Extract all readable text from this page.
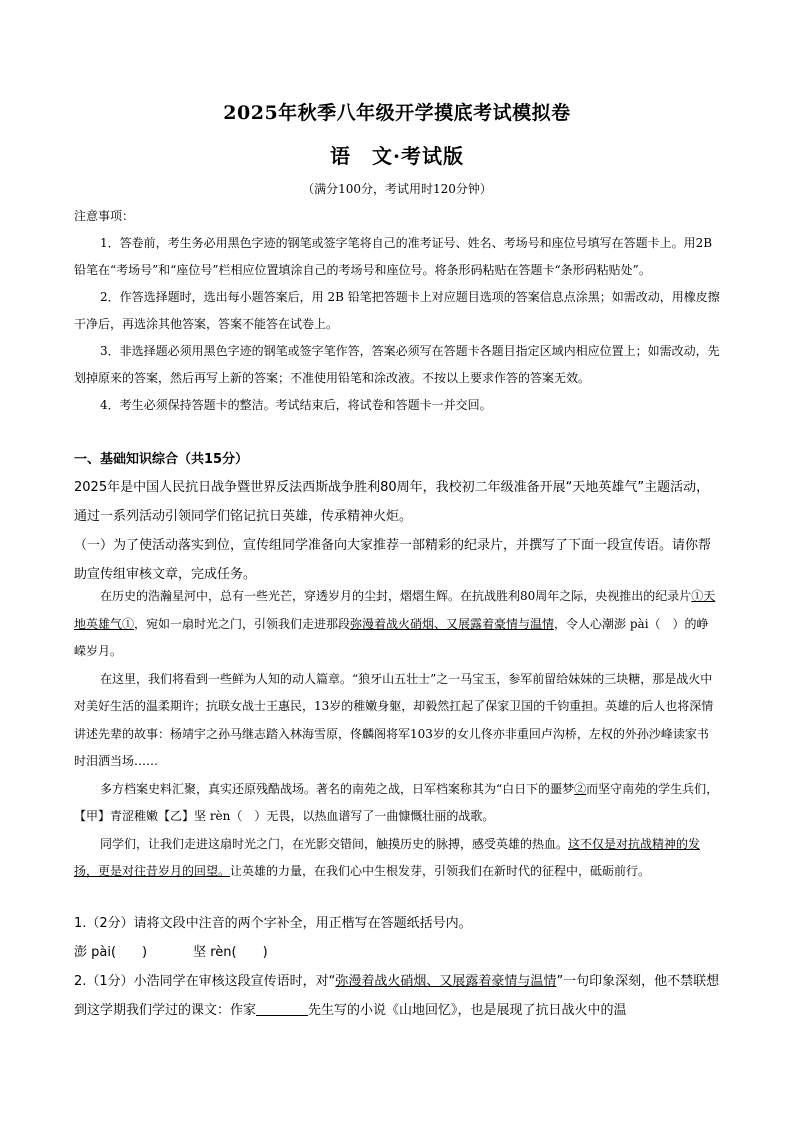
2025年秋季八年级开学摸底考试模拟卷
语　文·考试版
（满分100分，考试用时120分钟）

注意事项：

1．答卷前，考生务必用黑色字迹的钢笔或签字笔将自己的准考证号、姓名、考场号和座位号填写在答题卡上。用2B铅笔在“考场号”和“座位号”栏相应位置填涂自己的考场号和座位号。将条形码粘贴在答题卡“条形码粘贴处”。

2．作答选择题时，选出每小题答案后，用 2B 铅笔把答题卡上对应题目选项的答案信息点涂黑；如需改动，用橡皮擦干净后，再选涂其他答案，答案不能答在试卷上。

3．非选择题必须用黑色字迹的钢笔或签字笔作答，答案必须写在答题卡各题目指定区域内相应位置上；如需改动，先划掉原来的答案，然后再写上新的答案；不准使用铅笔和涂改液。不按以上要求作答的答案无效。

4．考生必须保持答题卡的整洁。考试结束后，将试卷和答题卡一并交回。

一、基础知识综合（共15分）

2025年是中国人民抗日战争暨世界反法西斯战争胜利80周年，我校初二年级准备开展“天地英雄气”主题活动，通过一系列活动引领同学们铭记抗日英雄，传承精神火炬。

（一）为了使活动落实到位，宣传组同学准备向大家推荐一部精彩的纪录片，并撰写了下面一段宣传语。请你帮助宣传组审核文章，完成任务。

在历史的浩瀚星河中，总有一些光芒，穿透岁月的尘封，熠熠生辉。在抗战胜利80周年之际，央视推出的纪录片①天地英雄气①，宛如一扇时光之门，引领我们走进那段弥漫着战火硝烟、又展露着豪情与温情，令人心潮澎 pài（　）的峥嵘岁月。

在这里，我们将看到一些鲜为人知的动人篇章。“狼牙山五壮士”之一马宝玉，参军前留给妹妹的三块糖，那是战火中对美好生活的温柔期许；抗联女战士王惠民，13岁的稚嫩身躯，却毅然扛起了保家卫国的千钧重担。英雄的后人也将深情讲述先辈的故事：杨靖宇之孙马继志踏入林海雪原，佟麟阁将军103岁的女儿佟亦非重回卢沟桥，左权的外孙沙峰读家书时泪洒当场……

多方档案史料汇聚，真实还原残酷战场。著名的南苑之战，日军档案称其为“白日下的噩梦②而坚守南苑的学生兵们，【甲】青涩稚嫩【乙】坚 rèn（　）无畏，以热血谱写了一曲慷慨壮丽的战歌。

同学们，让我们走进这扇时光之门，在光影交错间，触摸历史的脉搏，感受英雄的热血。这不仅是对抗战精神的发扬，更是对往昔岁月的回望。让英雄的力量，在我们心中生根发芽，引领我们在新时代的征程中，砥砺前行。

1.（2分）请将文段中注音的两个字补全，用正楷写在答题纸括号内。

澎 pài(　　)	坚 rèn(　　)

2.（1分）小浩同学在审核这段宣传语时，对“弥漫着战火硝烟、又展露着豪情与温情”一句印象深刻，他不禁联想到这学期我们学过的课文：作家	先生写的小说《山地回忆》，也是展现了抗日战火中的温
